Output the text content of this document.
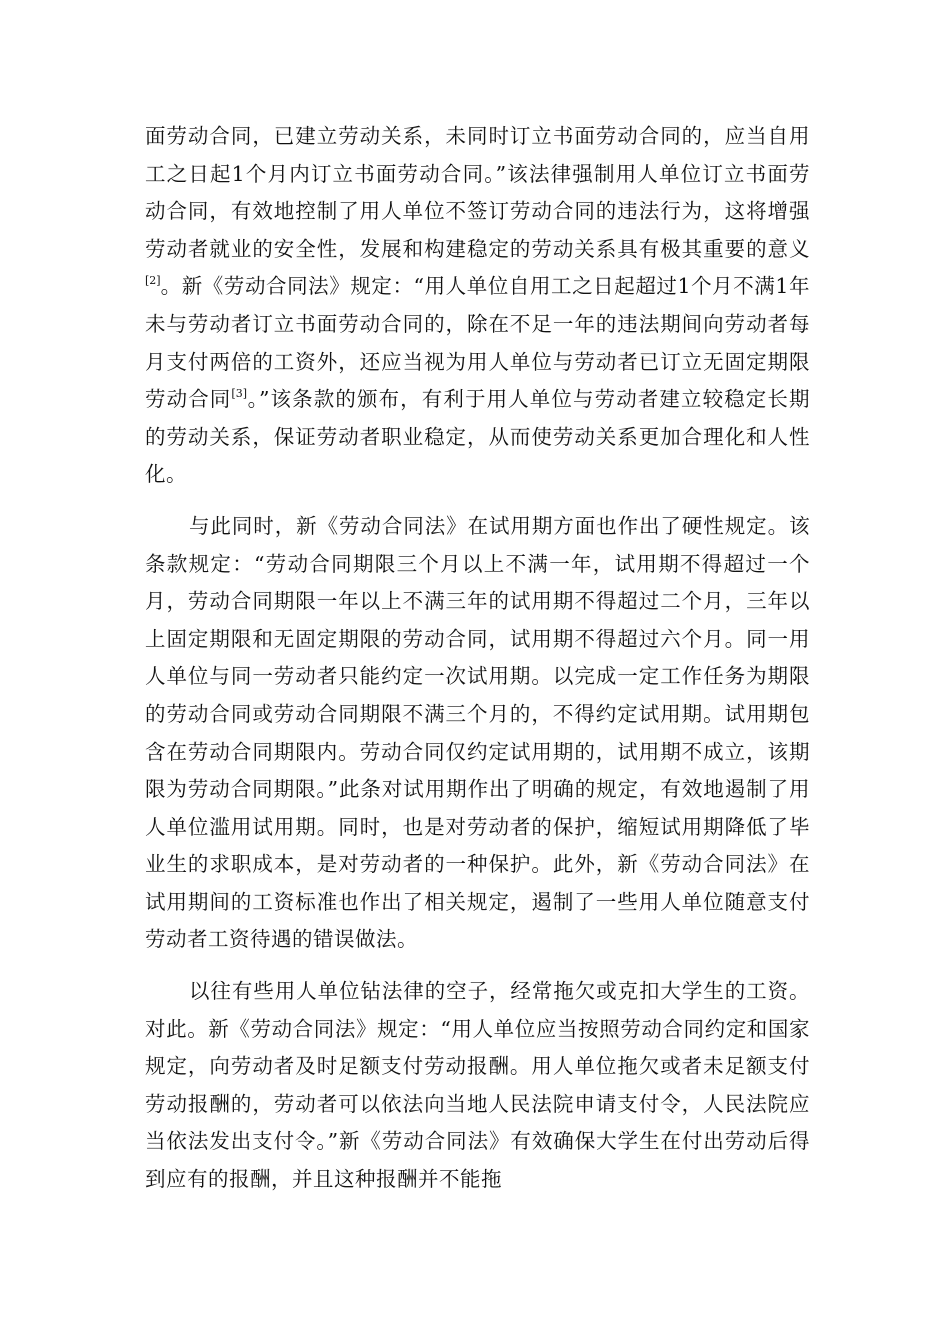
面劳动合同，已建立劳动关系，未同时订立书面劳动合同的，应当自用工之日起1个月内订立书面劳动合同。”该法律强制用人单位订立书面劳动合同，有效地控制了用人单位不签订劳动合同的违法行为，这将增强劳动者就业的安全性，发展和构建稳定的劳动关系具有极其重要的意义[2]。新《劳动合同法》规定：“用人单位自用工之日起超过1个月不满1年未与劳动者订立书面劳动合同的，除在不足一年的违法期间向劳动者每月支付两倍的工资外，还应当视为用人单位与劳动者已订立无固定期限劳动合同[3]。”该条款的颁布，有利于用人单位与劳动者建立较稳定长期的劳动关系，保证劳动者职业稳定，从而使劳动关系更加合理化和人性化。

与此同时，新《劳动合同法》在试用期方面也作出了硬性规定。该条款规定：“劳动合同期限三个月以上不满一年，试用期不得超过一个月，劳动合同期限一年以上不满三年的试用期不得超过二个月，三年以上固定期限和无固定期限的劳动合同，试用期不得超过六个月。同一用人单位与同一劳动者只能约定一次试用期。以完成一定工作任务为期限的劳动合同或劳动合同期限不满三个月的，不得约定试用期。试用期包含在劳动合同期限内。劳动合同仅约定试用期的，试用期不成立，该期限为劳动合同期限。”此条对试用期作出了明确的规定，有效地遏制了用人单位滥用试用期。同时，也是对劳动者的保护，缩短试用期降低了毕业生的求职成本，是对劳动者的一种保护。此外，新《劳动合同法》在试用期间的工资标准也作出了相关规定，遏制了一些用人单位随意支付劳动者工资待遇的错误做法。

以往有些用人单位钻法律的空子，经常拖欠或克扣大学生的工资。对此。新《劳动合同法》规定：“用人单位应当按照劳动合同约定和国家规定，向劳动者及时足额支付劳动报酬。用人单位拖欠或者未足额支付劳动报酬的，劳动者可以依法向当地人民法院申请支付令，人民法院应当依法发出支付令。”新《劳动合同法》有效确保大学生在付出劳动后得到应有的报酬，并且这种报酬并不能拖
